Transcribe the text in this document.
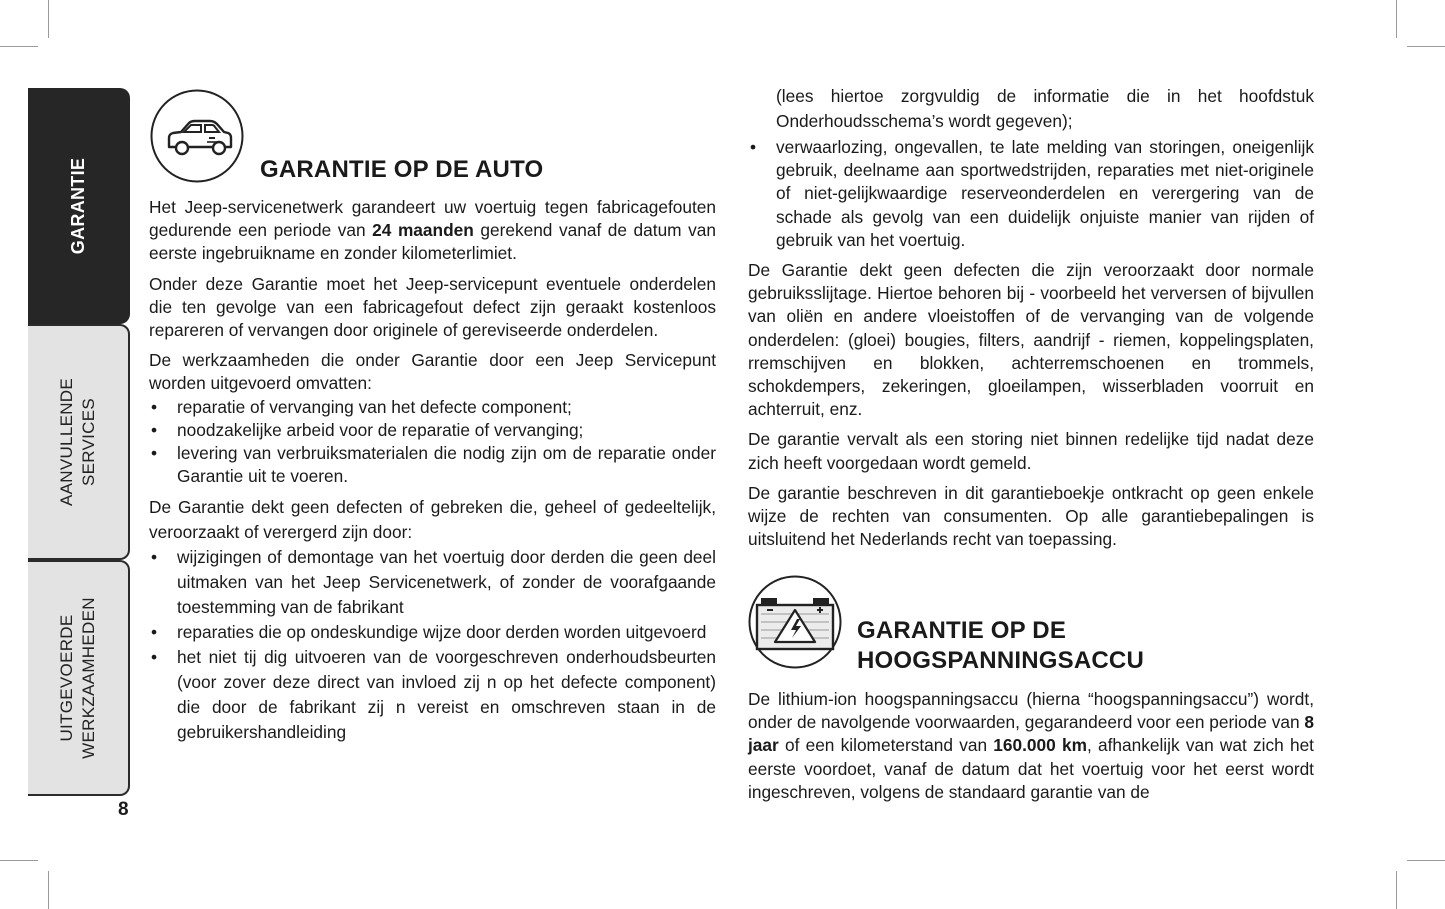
GARANTIE
AANVULLENDE SERVICES
UITGEVOERDE WERKZAAMHEDEN
8
GARANTIE OP DE AUTO

Het Jeep-servicenetwerk garandeert uw voertuig tegen fabricagefouten gedurende een periode van 24 maanden gerekend vanaf de datum van eerste ingebruikname en zonder kilometerlimiet.

Onder deze Garantie moet het Jeep-servicepunt eventuele onderdelen die ten gevolge van een fabricagefout defect zijn geraakt kostenloos repareren of vervangen door originele of gereviseerde onderdelen.

De werkzaamheden die onder Garantie door een Jeep Servicepunt worden uitgevoerd omvatten:

• reparatie of vervanging van het defecte component;
• noodzakelijke arbeid voor de reparatie of vervanging;
• levering van verbruiksmaterialen die nodig zijn om de reparatie onder Garantie uit te voeren.

De Garantie dekt geen defecten of gebreken die, geheel of gedeeltelijk, veroorzaakt of verergerd zijn door:

• wijzigingen of demontage van het voertuig door derden die geen deel uitmaken van het Jeep Servicenetwerk, of zonder de voorafgaande toestemming van de fabrikant
• reparaties die op ondeskundige wijze door derden worden uitgevoerd
• het niet tij dig uitvoeren van de voorgeschreven onderhoudsbeurten (voor zover deze direct van invloed zij n op het defecte component) die door de fabrikant zij n vereist en omschreven staan in de gebruikershandleiding

(lees hiertoe zorgvuldig de informatie die in het hoofdstuk Onderhoudsschema’s wordt gegeven);

• verwaarlozing, ongevallen, te late melding van storingen, oneigenlijk gebruik, deelname aan sportwedstrijden, reparaties met niet-originele of niet-gelijkwaardige reserveonderdelen en verergering van de schade als gevolg van een duidelijk onjuiste manier van rijden of gebruik van het voertuig.

De Garantie dekt geen defecten die zijn veroorzaakt door normale gebruiksslijtage. Hiertoe behoren bij - voorbeeld het verversen of bijvullen van oliën en andere vloeistoffen of de vervanging van de volgende onderdelen: (gloei) bougies, filters, aandrijf - riemen, koppelingsplaten, rremschijven en blokken, achterremschoenen en trommels, schokdempers, zekeringen, gloeilampen, wisserbladen voorruit en achterruit, enz.

De garantie vervalt als een storing niet binnen redelijke tijd nadat deze zich heeft voorgedaan wordt gemeld.

De garantie beschreven in dit garantieboekje ontkracht op geen enkele wijze de rechten van consumenten. Op alle garantiebepalingen is uitsluitend het Nederlands recht van toepassing.

GARANTIE OP DE
HOOGSPANNINGSACCU

De lithium-ion hoogspanningsaccu (hierna “hoogspanningsaccu”) wordt, onder de navolgende voorwaarden, gegarandeerd voor een periode van 8 jaar of een kilometerstand van 160.000 km, afhankelijk van wat zich het eerste voordoet, vanaf de datum dat het voertuig voor het eerst wordt ingeschreven, volgens de standaard garantie van de
